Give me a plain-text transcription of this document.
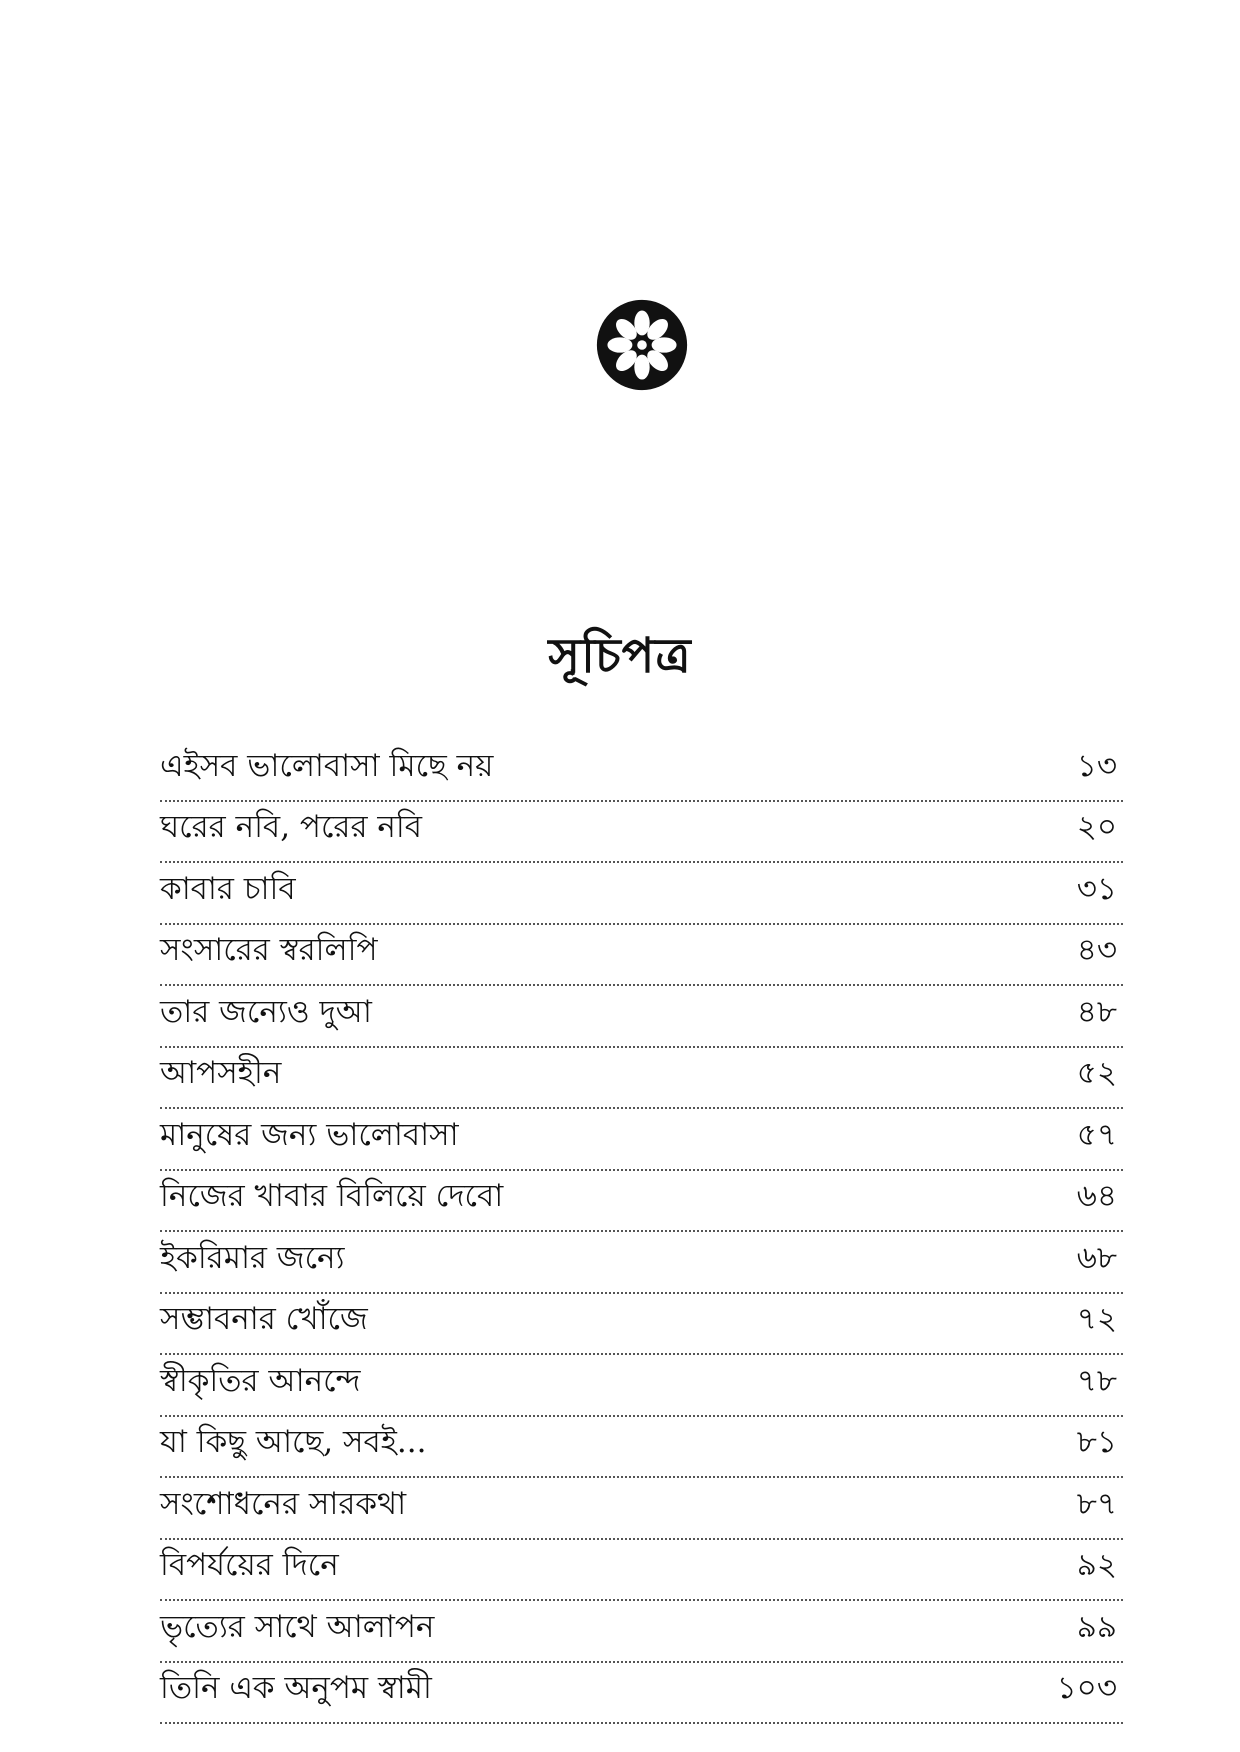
সূচিপত্র
এইসব ভালোবাসা মিছে নয়	১৩
ঘরের নবি, পরের নবি	২০
কাবার চাবি	৩১
সংসারের স্বরলিপি	৪৩
তার জন্যেও দুআ	৪৮
আপসহীন	৫২
মানুষের জন্য ভালোবাসা	৫৭
নিজের খাবার বিলিয়ে দেবো	৬৪
ইকরিমার জন্যে	৬৮
সম্ভাবনার খোঁজে	৭২
স্বীকৃতির আনন্দে	৭৮
যা কিছু আছে, সবই...	৮১
সংশোধনের সারকথা	৮৭
বিপর্যয়ের দিনে	৯২
ভৃত্যের সাথে আলাপন	৯৯
তিনি এক অনুপম স্বামী	১০৩
